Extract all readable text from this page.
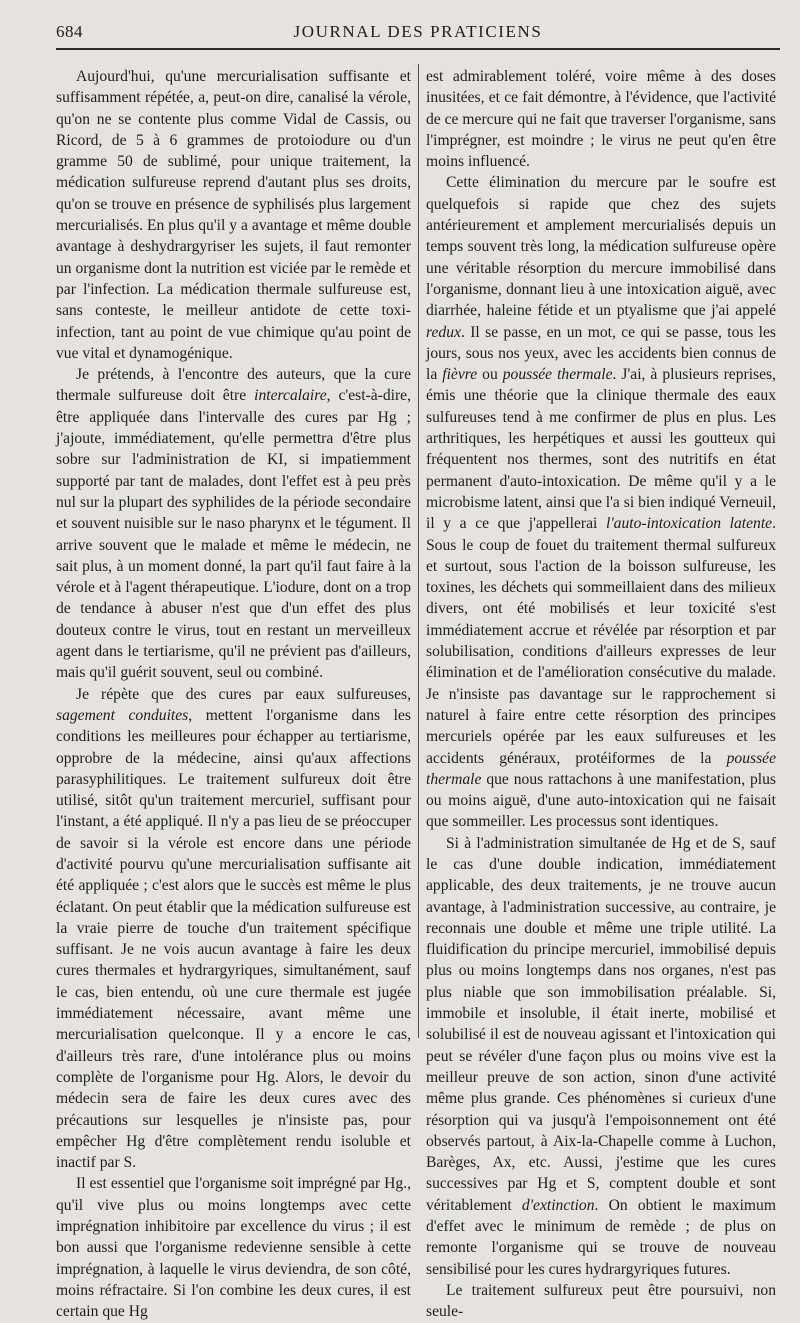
684	JOURNAL DES PRATICIENS

Aujourd'hui, qu'une mercurialisation suffisante et suffisamment répétée, a, peut-on dire, canalisé la vérole, qu'on ne se contente plus comme Vidal de Cassis, ou Ricord, de 5 à 6 grammes de protoiodure ou d'un gramme 50 de sublimé, pour unique traitement, la médication sulfureuse reprend d'autant plus ses droits, qu'on se trouve en présence de syphilisés plus largement mercurialisés. En plus qu'il y a avantage et même double avantage à deshydrargyriser les sujets, il faut remonter un organisme dont la nutrition est viciée par le remède et par l'infection. La médication thermale sulfureuse est, sans conteste, le meilleur antidote de cette toxi-infection, tant au point de vue chimique qu'au point de vue vital et dynamogénique.

Je prétends, à l'encontre des auteurs, que la cure thermale sulfureuse doit être intercalaire, c'est-à-dire, être appliquée dans l'intervalle des cures par Hg ; j'ajoute, immédiatement, qu'elle permettra d'être plus sobre sur l'administration de KI, si impatiemment supporté par tant de malades, dont l'effet est à peu près nul sur la plupart des syphilides de la période secondaire et souvent nuisible sur le naso pharynx et le tégument. Il arrive souvent que le malade et même le médecin, ne sait plus, à un moment donné, la part qu'il faut faire à la vérole et à l'agent thérapeutique. L'iodure, dont on a trop de tendance à abuser n'est que d'un effet des plus douteux contre le virus, tout en restant un merveilleux agent dans le tertiarisme, qu'il ne prévient pas d'ailleurs, mais qu'il guérit souvent, seul ou combiné.

Je répète que des cures par eaux sulfureuses, sagement conduites, mettent l'organisme dans les conditions les meilleures pour échapper au tertiarisme, opprobre de la médecine, ainsi qu'aux affections parasyphilitiques. Le traitement sulfureux doit être utilisé, sitôt qu'un traitement mercuriel, suffisant pour l'instant, a été appliqué. Il n'y a pas lieu de se préoccuper de savoir si la vérole est encore dans une période d'activité pourvu qu'une mercurialisation suffisante ait été appliquée ; c'est alors que le succès est même le plus éclatant. On peut établir que la médication sulfureuse est la vraie pierre de touche d'un traitement spécifique suffisant. Je ne vois aucun avantage à faire les deux cures thermales et hydrargyriques, simultanément, sauf le cas, bien entendu, où une cure thermale est jugée immédiatement nécessaire, avant même une mercurialisation quelconque. Il y a encore le cas, d'ailleurs très rare, d'une intolérance plus ou moins complète de l'organisme pour Hg. Alors, le devoir du médecin sera de faire les deux cures avec des précautions sur lesquelles je n'insiste pas, pour empêcher Hg d'être complètement rendu isoluble et inactif par S.

Il est essentiel que l'organisme soit imprégné par Hg., qu'il vive plus ou moins longtemps avec cette imprégnation inhibitoire par excellence du virus ; il est bon aussi que l'organisme redevienne sensible à cette imprégnation, à laquelle le virus deviendra, de son côté, moins réfractaire. Si l'on combine les deux cures, il est certain que Hg

est admirablement toléré, voire même à des doses inusitées, et ce fait démontre, à l'évidence, que l'activité de ce mercure qui ne fait que traverser l'organisme, sans l'imprégner, est moindre ; le virus ne peut qu'en être moins influencé.

Cette élimination du mercure par le soufre est quelquefois si rapide que chez des sujets antérieurement et amplement mercurialisés depuis un temps souvent très long, la médication sulfureuse opère une véritable résorption du mercure immobilisé dans l'organisme, donnant lieu à une intoxication aiguë, avec diarrhée, haleine fétide et un ptyalisme que j'ai appelé redux. Il se passe, en un mot, ce qui se passe, tous les jours, sous nos yeux, avec les accidents bien connus de la fièvre ou poussée thermale. J'ai, à plusieurs reprises, émis une théorie que la clinique thermale des eaux sulfureuses tend à me confirmer de plus en plus. Les arthritiques, les herpétiques et aussi les goutteux qui fréquentent nos thermes, sont des nutritifs en état permanent d'auto-intoxication. De même qu'il y a le microbisme latent, ainsi que l'a si bien indiqué Verneuil, il y a ce que j'appellerai l'auto-intoxication latente. Sous le coup de fouet du traitement thermal sulfureux et surtout, sous l'action de la boisson sulfureuse, les toxines, les déchets qui sommeillaient dans des milieux divers, ont été mobilisés et leur toxicité s'est immédiatement accrue et révélée par résorption et par solubilisation, conditions d'ailleurs expresses de leur élimination et de l'amélioration consécutive du malade. Je n'insiste pas davantage sur le rapprochement si naturel à faire entre cette résorption des principes mercuriels opérée par les eaux sulfureuses et les accidents généraux, protéiformes de la poussée thermale que nous rattachons à une manifestation, plus ou moins aiguë, d'une auto-intoxication qui ne faisait que sommeiller. Les processus sont identiques.

Si à l'administration simultanée de Hg et de S, sauf le cas d'une double indication, immédiatement applicable, des deux traitements, je ne trouve aucun avantage, à l'administration successive, au contraire, je reconnais une double et même une triple utilité. La fluidification du principe mercuriel, immobilisé depuis plus ou moins longtemps dans nos organes, n'est pas plus niable que son immobilisation préalable. Si, immobile et insoluble, il était inerte, mobilisé et solubilisé il est de nouveau agissant et l'intoxication qui peut se révéler d'une façon plus ou moins vive est la meilleur preuve de son action, sinon d'une activité même plus grande. Ces phénomènes si curieux d'une résorption qui va jusqu'à l'empoisonnement ont été observés partout, à Aix-la-Chapelle comme à Luchon, Barèges, Ax, etc. Aussi, j'estime que les cures successives par Hg et S, comptent double et sont véritablement d'extinction. On obtient le maximum d'effet avec le minimum de remède ; de plus on remonte l'organisme qui se trouve de nouveau sensibilisé pour les cures hydrargyriques futures.

Le traitement sulfureux peut être poursuivi, non seule-
